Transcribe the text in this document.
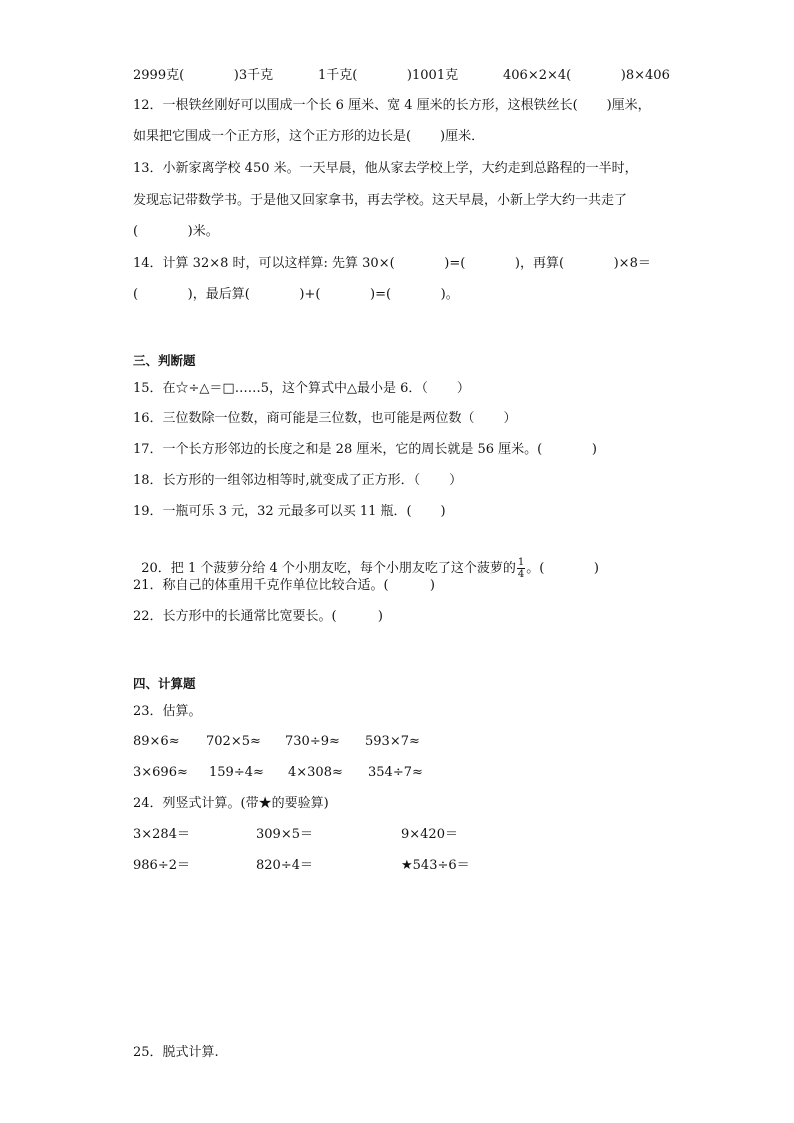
2999克(            )3千克	1千克(            )1001克	406×2×4(            )8×406
12．一根铁丝刚好可以围成一个长 6 厘米、宽 4 厘米的长方形，这根铁丝长(       )厘米，
如果把它围成一个正方形，这个正方形的边长是(       )厘米．
13．小新家离学校 450 米。一天早晨，他从家去学校上学，大约走到总路程的一半时，
发现忘记带数学书。于是他又回家拿书，再去学校。这天早晨，小新上学大约一共走了
(            )米。
14．计算 32×8 时，可以这样算: 先算 30×(            )=(            )，再算(            )×8＝
(            )，最后算(            )+(            )=(            )。
三、判断题
15．在☆÷△＝□……5，这个算式中△最小是 6．（       ）
16．三位数除一位数，商可能是三位数，也可能是两位数（       ）
17．一个长方形邻边的长度之和是 28 厘米，它的周长就是 56 厘米。(            )
18．长方形的一组邻边相等时,就变成了正方形．（       ）
19．一瓶可乐 3 元，32 元最多可以买 11 瓶．(       )

20．把 1 个菠萝分给 4 个小朋友吃，每个小朋友吃了这个菠萝的 $\frac{1}{4}$ 。(            )

21．称自己的体重用千克作单位比较合适。(          )
22．长方形中的长通常比宽要长。(          )
四、计算题
23．估算。
89×6≈ 702×5≈ 730÷9≈ 593×7≈
3×696≈ 159÷4≈ 4×308≈ 354÷7≈
24．列竖式计算。(带★的要验算)
3×284＝	309×5＝	9×420＝
986÷2＝	820÷4＝	★543÷6＝
25．脱式计算.
